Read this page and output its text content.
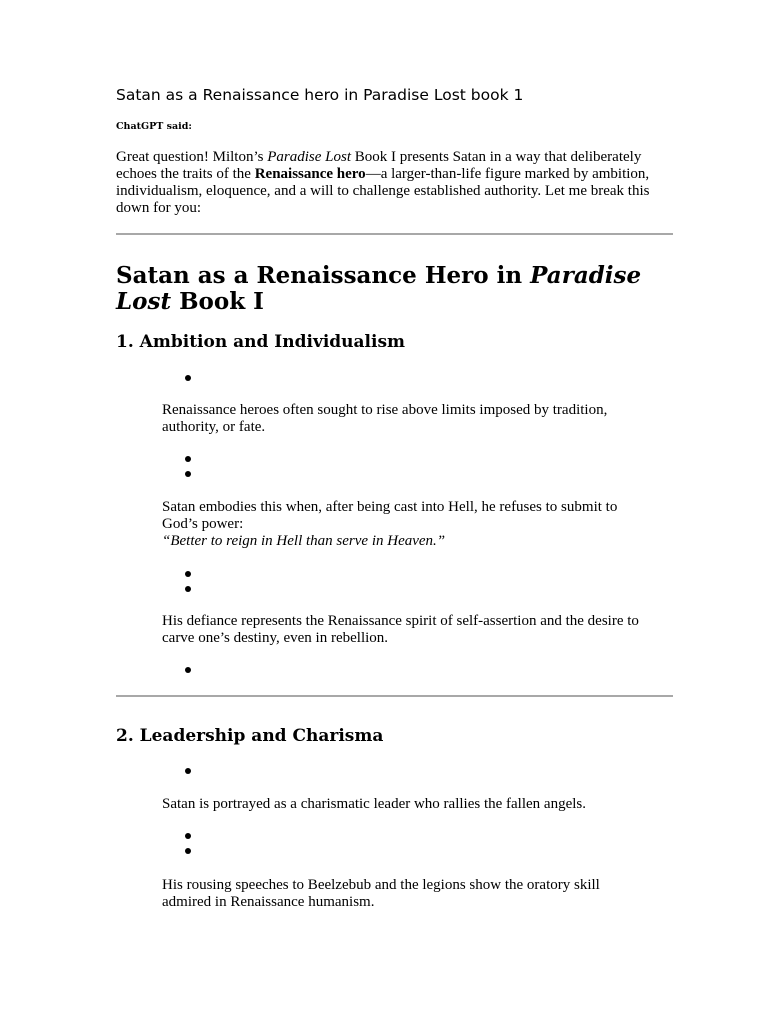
Satan as a Renaissance hero in Paradise Lost book 1
ChatGPT said:
Great question! Milton’s Paradise Lost Book I presents Satan in a way that deliberately echoes the traits of the Renaissance hero—a larger-than-life figure marked by ambition, individualism, eloquence, and a will to challenge established authority. Let me break this down for you:
Satan as a Renaissance Hero in Paradise
Lost Book I
1. Ambition and Individualism
Renaissance heroes often sought to rise above limits imposed by tradition, authority, or fate.
Satan embodies this when, after being cast into Hell, he refuses to submit to God’s power:
“Better to reign in Hell than serve in Heaven.”
His defiance represents the Renaissance spirit of self-assertion and the desire to carve one’s destiny, even in rebellion.
2. Leadership and Charisma
Satan is portrayed as a charismatic leader who rallies the fallen angels.
His rousing speeches to Beelzebub and the legions show the oratory skill admired in Renaissance humanism.
